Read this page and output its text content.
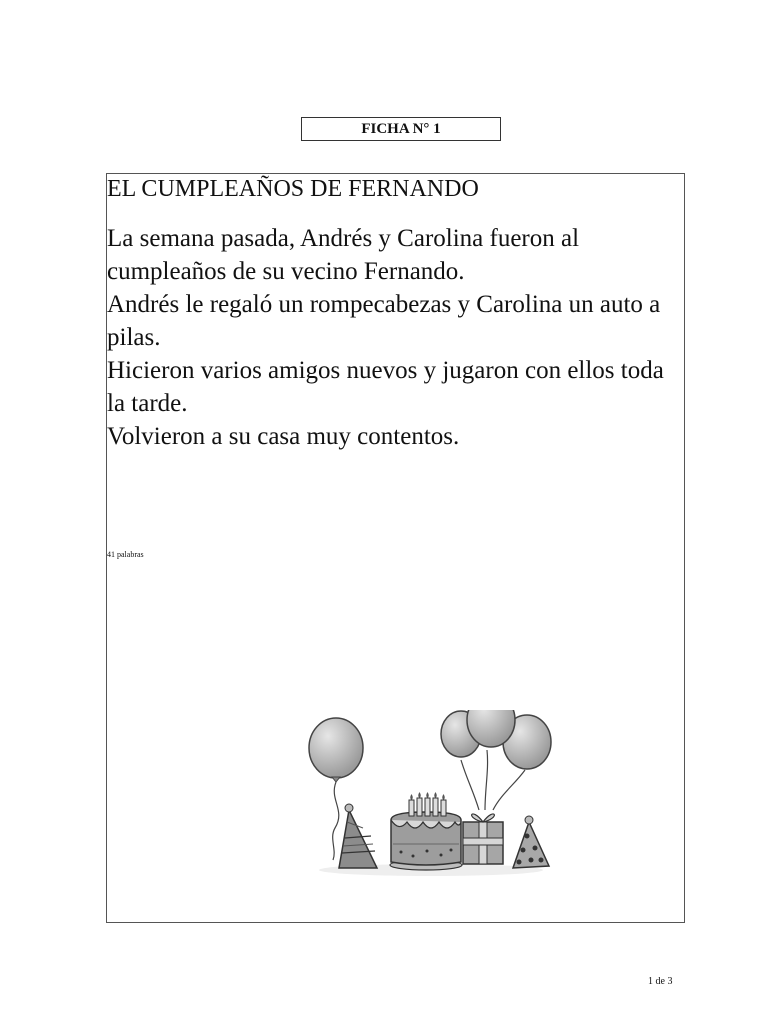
FICHA N° 1
EL CUMPLEAÑOS DE FERNANDO

La semana pasada, Andrés y Carolina fueron al cumpleaños de su vecino Fernando.

Andrés le regaló un rompecabezas y Carolina un auto a pilas.

Hicieron varios amigos nuevos y jugaron con ellos toda la tarde.

Volvieron a su casa muy contentos.

41 palabras
1 de 3
